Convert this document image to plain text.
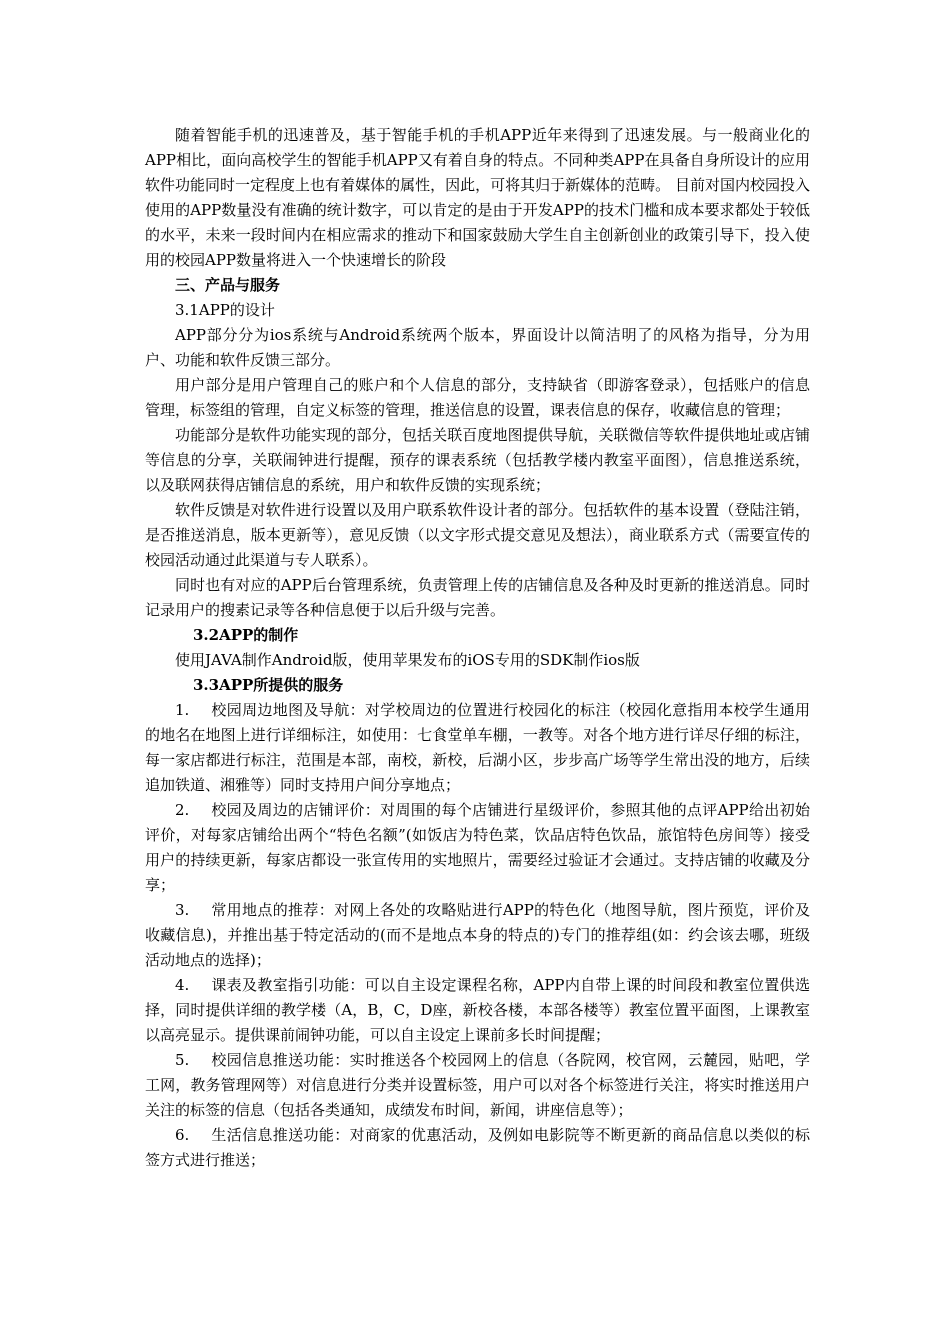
随着智能手机的迅速普及，基于智能手机的手机APP近年来得到了迅速发展。与一般商业化的APP相比，面向高校学生的智能手机APP又有着自身的特点。不同种类APP在具备自身所设计的应用软件功能同时一定程度上也有着媒体的属性，因此，可将其归于新媒体的范畴。 目前对国内校园投入使用的APP数量没有准确的统计数字，可以肯定的是由于开发APP的技术门槛和成本要求都处于较低的水平，未来一段时间内在相应需求的推动下和国家鼓励大学生自主创新创业的政策引导下，投入使用的校园APP数量将进入一个快速增长的阶段

三、产品与服务

3.1APP的设计

APP部分分为ios系统与Android系统两个版本，界面设计以简洁明了的风格为指导，分为用户、功能和软件反馈三部分。

用户部分是用户管理自己的账户和个人信息的部分，支持缺省（即游客登录），包括账户的信息管理，标签组的管理，自定义标签的管理，推送信息的设置，课表信息的保存，收藏信息的管理；

功能部分是软件功能实现的部分，包括关联百度地图提供导航，关联微信等软件提供地址或店铺等信息的分享，关联闹钟进行提醒，预存的课表系统（包括教学楼内教室平面图），信息推送系统，以及联网获得店铺信息的系统，用户和软件反馈的实现系统；

软件反馈是对软件进行设置以及用户联系软件设计者的部分。包括软件的基本设置（登陆注销，是否推送消息，版本更新等），意见反馈（以文字形式提交意见及想法），商业联系方式（需要宣传的校园活动通过此渠道与专人联系）。

同时也有对应的APP后台管理系统，负责管理上传的店铺信息及各种及时更新的推送消息。同时记录用户的搜素记录等各种信息便于以后升级与完善。

3.2APP的制作

使用JAVA制作Android版，使用苹果发布的iOS专用的SDK制作ios版

3.3APP所提供的服务

1. 校园周边地图及导航：对学校周边的位置进行校园化的标注（校园化意指用本校学生通用的地名在地图上进行详细标注，如使用：七食堂单车棚，一教等。对各个地方进行详尽仔细的标注，每一家店都进行标注，范围是本部，南校，新校，后湖小区，步步高广场等学生常出没的地方，后续追加铁道、湘雅等）同时支持用户间分享地点；

2. 校园及周边的店铺评价：对周围的每个店铺进行星级评价，参照其他的点评APP给出初始评价，对每家店铺给出两个“特色名额”(如饭店为特色菜，饮品店特色饮品，旅馆特色房间等）接受用户的持续更新，每家店都设一张宣传用的实地照片，需要经过验证才会通过。支持店铺的收藏及分享；

3. 常用地点的推荐：对网上各处的攻略贴进行APP的特色化（地图导航，图片预览，评价及收藏信息)，并推出基于特定活动的(而不是地点本身的特点的)专门的推荐组(如：约会该去哪，班级活动地点的选择)；

4. 课表及教室指引功能：可以自主设定课程名称，APP内自带上课的时间段和教室位置供选择，同时提供详细的教学楼（A，B，C，D座，新校各楼，本部各楼等）教室位置平面图，上课教室以高亮显示。提供课前闹钟功能，可以自主设定上课前多长时间提醒；

5. 校园信息推送功能：实时推送各个校园网上的信息（各院网，校官网，云麓园，贴吧，学工网，教务管理网等）对信息进行分类并设置标签，用户可以对各个标签进行关注，将实时推送用户关注的标签的信息（包括各类通知，成绩发布时间，新闻，讲座信息等）；

6. 生活信息推送功能：对商家的优惠活动，及例如电影院等不断更新的商品信息以类似的标签方式进行推送；
